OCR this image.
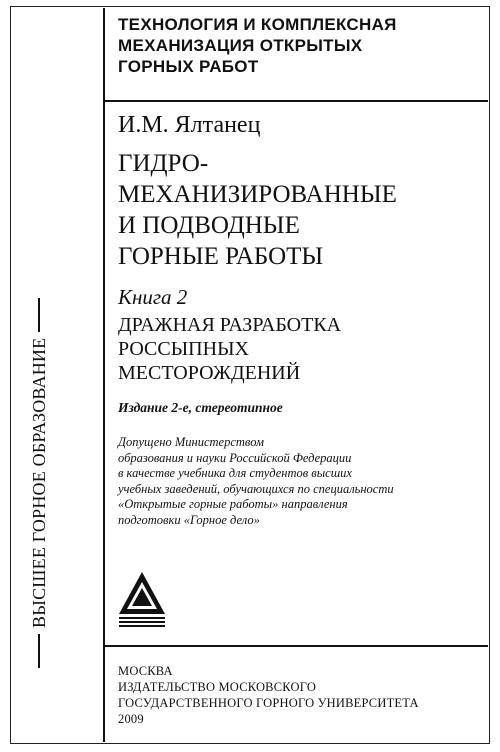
ВЫСШЕЕ ГОРНОЕ ОБРАЗОВАНИЕ
ТЕХНОЛОГИЯ И КОМПЛЕКСНАЯ
МЕХАНИЗАЦИЯ ОТКРЫТЫХ
ГОРНЫХ РАБОТ
И.М. Ялтанец
ГИДРО-
МЕХАНИЗИРОВАННЫЕ
И ПОДВОДНЫЕ
ГОРНЫЕ РАБОТЫ
Книга 2
ДРАЖНАЯ РАЗРАБОТКА
РОССЫПНЫХ
МЕСТОРОЖДЕНИЙ
Издание 2-е, стереотипное
Допущено Министерством
образования и науки Российской Федерации
в качестве учебника для студентов высших
учебных заведений, обучающихся по специальности
«Открытые горные работы» направления
подготовки «Горное дело»
МОСКВА
ИЗДАТЕЛЬСТВО МОСКОВСКОГО
ГОСУДАРСТВЕННОГО ГОРНОГО УНИВЕРСИТЕТА
2009
